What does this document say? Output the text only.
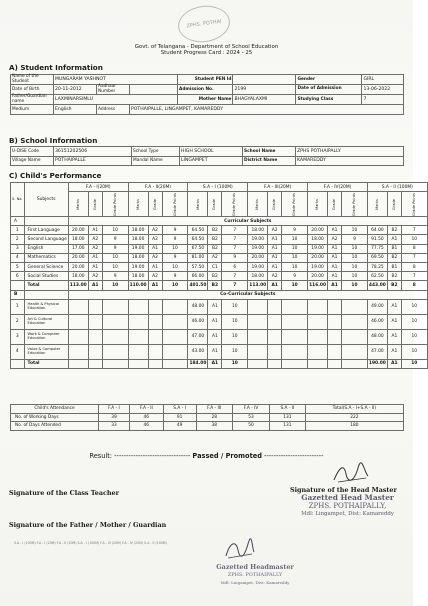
ZPHS. POTHAI
Govt. of Telangana - Department of School Education
Student Progress Card : 2024 - 25
A) Student Information
Name of the Student	MUNGARAM YASHNOT			Student PEN Id		Gender	GIRL
Date of Birth	20-11-2012	Aadhaar Number		Admission No.	2199	Date of Admission	13-06-2022
Father/Guardian name	LAXMINARSIMLU			Mother Name	BHAGYALAXMI	Studying Class	7
Medium	English	Address	POTHAIPALLE, LINGAMPET, KAMAREDDY				
B) School Information
U-DISE Code	36151202506	School Type	HIGH SCHOOL	School Name	ZPHS POTHAIPALLY
Village Name	POTHAIPALLE	Mandal Name	LINGAMPET	District Name	KAMAREDDY
C) Child's Performance
S. No.	Subjects	F.A - I(20M)			F.A - II(20M)			S.A - I (100M)			F.A - III(20M)			F.A - IV(20M)			S.A - II (100M)		
		Marks	Grade	Grade Points	Marks	Grade	Grade Points	Marks	Grade	Grade Points	Marks	Grade	Grade Points	Marks	Grade	Grade Points	Marks	Grade	Grade Points
A		Curricular Subjects																	
1	First Language	20.00	A1	10	18.00	A2	9	64.50	B2	7	18.00	A2	9	20.00	A1	10	64.00	B2	7
2	Second Language	18.00	A2	9	18.00	A2	9	64.50	B2	7	19.00	A1	10	18.00	A2	9	91.50	A1	10
3	English	17.00	A2	9	19.00	A1	10	67.50	B2	7	19.00	A1	10	19.00	A1	10	77.75	B1	8
4	Mathematics	20.00	A1	10	18.00	A2	9	81.00	A2	9	20.00	A1	10	20.00	A1	10	69.50	B2	7
5	General Science	20.00	A1	10	19.00	A1	10	57.50	C1	6	19.00	A1	10	19.00	A1	10	78.25	B1	8
6	Social Studies	18.00	A2	9	18.00	A2	9	66.00	B2	7	18.00	A2	9	20.00	A1	10	62.50	B2	7
	Total	113.00	A1	10	110.00	A1	10	401.50	B2	7	113.00	A1	10	116.00	A1	10	443.00	B2	8
B		Co-Curricular Subjects																	
1	Health & Physical Education							48.00	A1	10							49.00	A1	10
2	Art & Cultural Education							46.00	A1	10							46.00	A1	10
3	Work & Computer Education							47.00	A1	10							48.00	A1	10
4	Value & Computer Education							43.00	A1	10							47.00	A1	10
	Total							184.00	A1	10							190.00	A1	10
Child's Attendance	F.A - I	F.A - II	S.A - I	F.A - III	F.A - IV	S.A - II	Total(S.A - I+S.A - II)
No. of Working Days	39	46	91	28	53	131	222
No. of Days Attended	33	46	49	38	50	131	180
Result: -------------------------------- Passed / Promoted -------------------------
Signature of the Class Teacher	Signature of the Head Master
Signature of the Father / Mother / Guardian
Gazetted Head Master
ZPHS. POTHAIPALLY,
Mdl: Lingampet, Dist: Kamareddy
S.A - I (100M) F.A - I (20M) F.A - II (20M) S.A - I (100M) F.A - III (20M) F.A - IV (20M) S.A - II (100M)
Gazetted Headmaster
ZPHS. POTHAIPALLY
Mdl: Lingampet, Dist: Kamareddy
